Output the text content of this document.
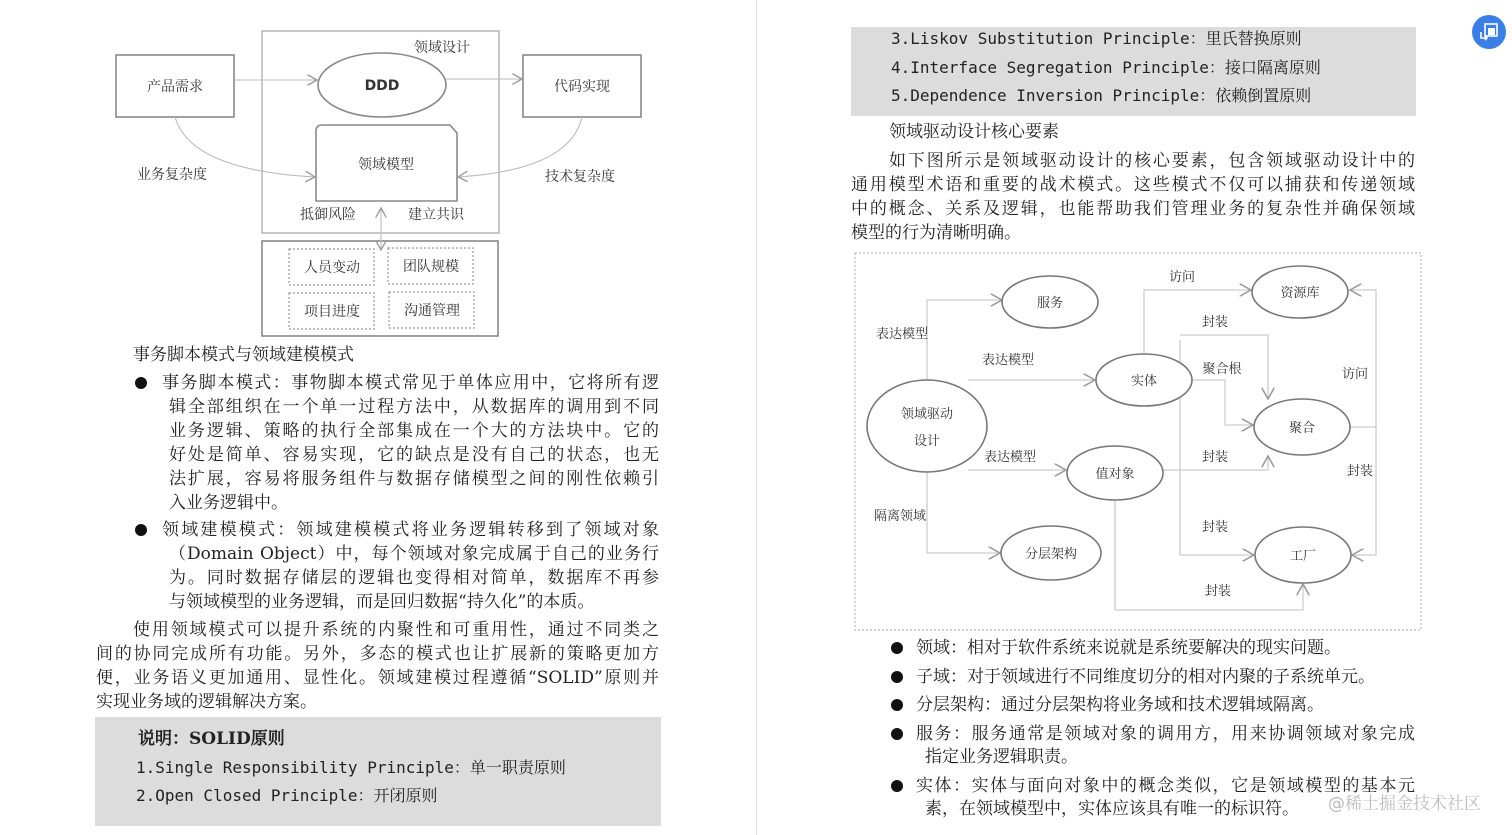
产品需求
领域设计
DDD	代码实现
领域模型
业务复杂度	技术复杂度
抵御风险	建立共识
人员变动	团队规模
项目进度	沟通管理	服务
资源库
实体
领域驱动
设计
聚合
值对象
分层架构	工厂
访问
封装
表达模型
表达模型
聚合根	访问
表达模型	封装
封装
隔离领域
封装
封装
事务脚本模式与领域建模模式
事务脚本模式：事物脚本模式常见于单体应用中，它将所有逻
辑全部组织在一个单一过程方法中，从数据库的调用到不同
业务逻辑、策略的执行全部集成在一个大的方法块中。它的
好处是简单、容易实现，它的缺点是没有自己的状态，也无
法扩展，容易将服务组件与数据存储模型之间的刚性依赖引
入业务逻辑中。
领域建模模式：领域建模模式将业务逻辑转移到了领域对象
（Domain Object）中，每个领域对象完成属于自己的业务行
为。同时数据存储层的逻辑也变得相对简单，数据库不再参
与领域模型的业务逻辑，而是回归数据“持久化”的本质。
使用领域模式可以提升系统的内聚性和可重用性，通过不同类之
间的协同完成所有功能。另外，多态的模式也让扩展新的策略更加方
便，业务语义更加通用、显性化。领域建模过程遵循“SOLID”原则并
实现业务域的逻辑解决方案。
说明：SOLID原则
1.Single Responsibility Principle：单一职责原则
2.Open Closed Principle：开闭原则
3.Liskov Substitution Principle：里氏替换原则
4.Interface Segregation Principle：接口隔离原则
5.Dependence Inversion Principle：依赖倒置原则
领域驱动设计核心要素
如下图所示是领域驱动设计的核心要素，包含领域驱动设计中的
通用模型术语和重要的战术模式。这些模式不仅可以捕获和传递领域
中的概念、关系及逻辑，也能帮助我们管理业务的复杂性并确保领域
模型的行为清晰明确。
领域：相对于软件系统来说就是系统要解决的现实问题。
子域：对于领域进行不同维度切分的相对内聚的子系统单元。
分层架构：通过分层架构将业务域和技术逻辑域隔离。
服务：服务通常是领域对象的调用方，用来协调领域对象完成
指定业务逻辑职责。
实体：实体与面向对象中的概念类似，它是领域模型的基本元
素，在领域模型中，实体应该具有唯一的标识符。 @稀土掘金技术社区
